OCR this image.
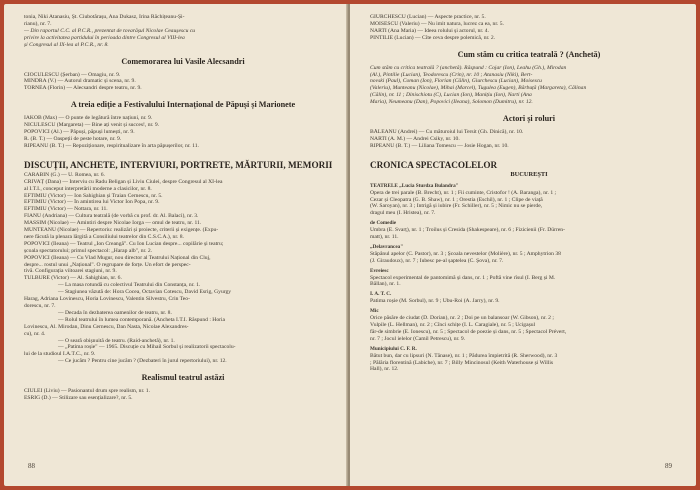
tonia, Niki Atanasiu, Șt. Ciubotărașu, Ana Dukasz, Irina Răchițeanu-Și-
rianu), nr. 7.
— Din raportul C.C. al P.C.R., prezentat de tovarășul Nicolae Ceaușescu cu
privire la activitatea partidului în perioada dintre Congresul al VIII-lea
și Congresul al IX-lea al P.C.R., nr. 8.
Comemorarea lui Vasile Alecsandri
CIOCULESCU (Șerban) — Omagiu, nr. 9.
MINDRA (V.) — Autorul dramatic și scena, nr. 9.
TORNEA (Florin) — Alecsandri despre teatru, nr. 9.
A treia ediție a Festivalului Internațional de Păpuși și Marionete
IAKOB (Max) — O punte de legătură între națiuni, nr. 9.
NICULESCU (Margareta) — Bine ați venit și succes!, nr. 9.
POPOVICI (Al.) — Păpuși, păpuși lumești, nr. 9.
R. (B. T.) — Oaspeții de peste hotare, nr. 9.
RIPEANU (B. T.) — Repoziționare, respiritualizare în arta păpușerilor, nr. 11.
DISCUȚII, ANCHETE, INTERVIURI, PORTRETE, MĂRTURII, MEMORII
CARABIN (G.) — U. Romea, nr. 6.
CRIVAȚ (Dana) — Interviu cu Radu Beligan și Liviu Ciulei, despre Congresul al XI-lea
al I.T.I., conceput interpretării moderne a clasicilor, nr. 8.
EFTIMIU (Victor) — Ion Sahighian și Traian Cernescu, nr. 5.
EFTIMIU (Victor) — În amintirea lui Victor Ion Popa, nr. 9.
EFTIMIU (Victor) — Nottara, nr. 11.
FIANU (Andriana) — Cultura teatrală (de vorbă cu prof. dr. Al. Balaci), nr. 3.
MASSIM (Nicolae) — Amintiri despre Nicolae Iorga — omul de teatru, nr. 11.
MUNTEANU (Nicolae) — Repertoriu: realizări și proiecte, criterii și exigențe. (Expu-
nere făcută la plenara lărgită a Consiliului teatrelor din C.S.C.A.), nr. 8.
POPOVICI (Ileana) — Teatrul „Ion Creangă". Cu Ion Lucian despre... copilărie și teatru;
școala spectatorului; primul spectacol: „Harap alb", nr. 2.
POPOVICI (Ileana) — Cu Vlad Mugur, nou director al Teatrului Național din Cluj,
despre... rostul unui „Național". O regrupare de forțe. Un efort de perspec-
tivă. Configurația viitoarei stagiuni, nr. 9.
TULBURE (Victor) — Al. Sahighian, nr. 6.
— La masa rotundă cu colectivul Teatrului din Constanța, nr. 1.
— Stagiunea văzută de: Hora Cocea, Octavian Cotescu, David Esrig, Gyurgy
Harag, Adriana Lovinescu, Horia Lovinescu, Valentin Silvestru, Crin Teo-
dorescu, nr. 7.
— Decada în dezbaterea oamenilor de teatru, nr. 8.
— Rolul teatrului în lumea contemporană. (Ancheta I.T.I. Răspund : Horia
Lovinescu, Al. Mirodan, Dinu Cernescu, Dan Nasta, Nicolae Alexandres-
cu), nr. 4.
— O seară obișnuită de teatru. (Raid-anchetă), nr. 1.
— „Patima roșie" — 1965. Discuție cu Mihail Sorbul și realizatorii spectacolu-
lui de la studioul I.A.T.C., nr. 9.
— Ce jucăm ? Pentru cine jucăm ? (Dezbateri în jurul repertoriului), nr. 12.
Realismul teatrul astăzi
CIULEI (Liviu) — Pasionantul drum spre realism, nr. 1.
ESRIG (D.) — Stilizare sau esențializare?, nr. 5.
88
GIURCHESCU (Lucian) — Aspecte practice, nr. 5.
MOISESCU (Valeriu) — Nu imit natura, lucrez ca ea, nr. 5.
NARTI (Ana Maria) — Ideea rolului și actorul, nr. 4.
PINTILIE (Lucian) — Cîte ceva despre polemică, nr. 2.
Cum stăm cu critica teatrală ? (Anchetă)
Cum stăm cu critica teatrală ? (anchetă). Răspund : Cojar (Ion), Leahu (Gh.), Mirodan
(Al.), Pintilie (Lucian), Teodorescu (Crin), nr. 10 ; Atanasiu (Niki), Bert-
novski (Paul), Coman (Ion), Florian (Călin), Giurchescu (Lucian), Moisescu
(Valeriu), Munteanu (Nicolae), Mihai (Marcel), Tugulea (Eugen), Bărbuță (Margareta), Călinan
(Călin), nr. 11 ; Dinischiotu (C), Lucian (Ion), Manițiu (Ion), Narti (Ana
Maria), Neumeanu (Dan), Popovici (Ileana), Solomon (Dumitru), nr. 12.
Actori și roluri
BĂLEANU (Andrei) — Cu măturoiul lui Tersit (Gh. Dinică), nr. 10.
NARTI (A. M.) — Andrei Csiky, nr. 10.
RIPEANU (B. T.) — Liliana Tomescu — Josie Hogan, nr. 10.
CRONICA SPECTACOLELOR
BUCUREȘTI
TEATRELE „Lucia Sturdza Bulandra"
Opera de trei parale (B. Brecht), nr. 1 ; Fii cuminte, Cristofor ! (A. Baranga), nr. 1 ;
Cezar și Cleopatra (G. B. Shaw), nr. 1 ; Orestia (Eschil), nr. 1 ; Clipe de viață
(W. Saroyan), nr. 3 ; Intrigă și iubire (Fr. Schiller), nr. 5 ; Nimic nu se pierde,
dragul meu (I. Hristea), nr. 7.
de Comedie
Umbra (E. Svarț), nr. 1 ; Troilus și Cresida (Shakespeare), nr. 6 ; Fizicienii (Fr. Dürren-
matt), nr. 11.
„Delavrancea"
Stăpânul apelor (C. Pastor), nr. 3 ; Școala nevestelor (Molière), nr. 5 ; Amphytrion 38
(J. Giraudoux), nr. 7 ; Iubesc pe-al șaptelea (C. Șova), nr. 7.
Evreiesc
Spectacol experimental de pantomimă și dans, nr. 1 ; Poftă vine rîsul (I. Berg și M.
Băllan), nr. 1.
I. A. T. C.
Patima roșie (M. Sorbul), nr. 9 ; Ubu-Roi (A. Jarry), nr. 9.
Mic
Orice păsăre de ciudat (D. Dorian), nr. 2 ; Doi pe un balansoar (W. Gibson), nr. 2 ;
Vulpile (L. Hellman), nr. 2 ; Cînci schițe (I. L. Caragiale), nr. 5 ; Ucigașul
făr-de simbrie (E. Ionescu), nr. 5 ; Spectacol de poezie și dans, nr. 5 ; Spectacol Prévert,
nr. 7 ; Jocul ielelor (Camil Petrescu), nr. 9.
Municipiului C. F. R.
Bătut bun, dar cu lipsuri (N. Tănase), nr. 1 ; Pădurea împietrită (R. Sherwood), nr. 3
; Pălăria florentină (Labiche), nr. 7 ; Billy Mincinosul (Keith Waterhouse și Willis
Hall), nr. 12.
89
